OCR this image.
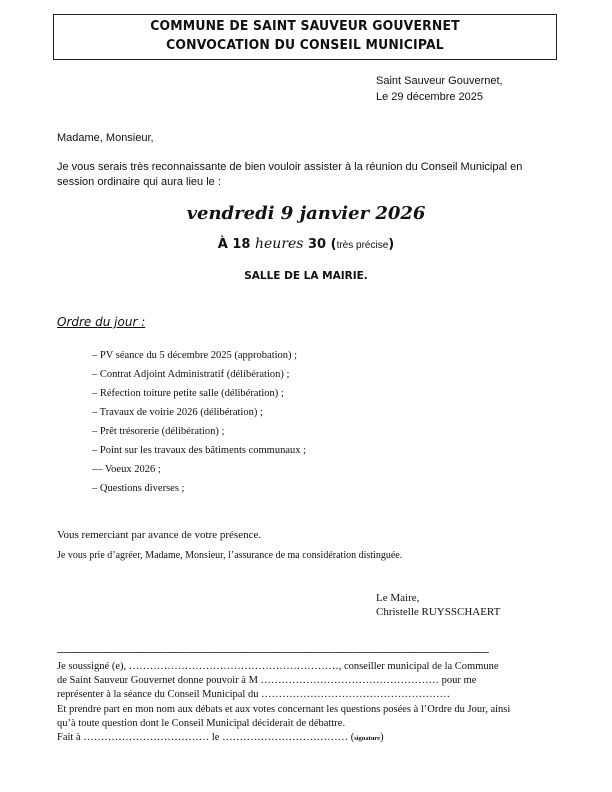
COMMUNE DE SAINT SAUVEUR GOUVERNET
CONVOCATION DU CONSEIL MUNICIPAL
Saint Sauveur Gouvernet,
Le 29 décembre 2025
Madame, Monsieur,
Je vous serais très reconnaissante de bien vouloir assister à la réunion du Conseil Municipal en session ordinaire qui aura lieu le :
vendredi 9 janvier 2026
À 18 heures 30 (très précise)
SALLE DE LA MAIRIE.
Ordre du jour :
– PV séance du 5 décembre 2025 (approbation) ;
– Contrat Adjoint Administratif (délibération) ;
– Réfection toiture petite salle (délibération) ;
– Travaux de voirie 2026 (délibération) ;
– Prêt trésorerie (délibération) ;
– Point sur les travaux des bâtiments communaux ;
— Voeux 2026 ;
– Questions diverses ;
Vous remerciant par avance de votre présence.
Je vous prie d’agréer, Madame, Monsieur, l’assurance de ma considération distinguée.
Le Maire,
Christelle RUYSSCHAERT
-----------------------------------------------------------------------------------------------------------------------------------------------------

Je soussigné (e), ……………………………………………………, conseiller municipal de la Commune

de Saint Sauveur Gouvernet donne pouvoir à M …………………………………………… pour me

représenter à la séance du Conseil Municipal du ………………………………………………

Et prendre part en mon nom aux débats et aux votes concernant les questions posées à l’Ordre du Jour, ainsi

qu’à toute question dont le Conseil Municipal déciderait de débattre.

Fait à ……………………………… le ……………………………… (signature)
